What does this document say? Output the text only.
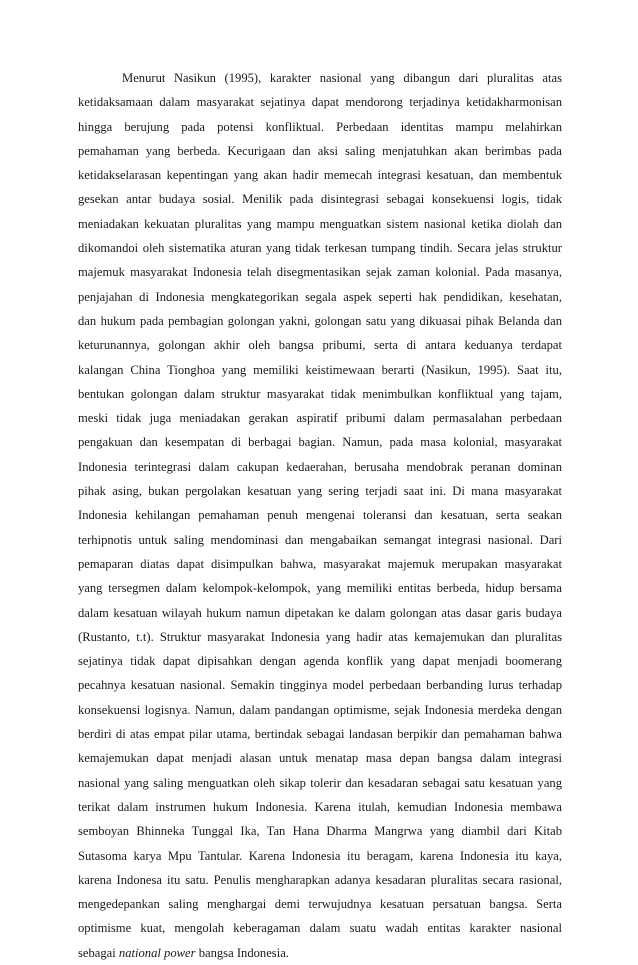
Menurut Nasikun (1995), karakter nasional yang dibangun dari pluralitas atas
ketidaksamaan dalam masyarakat sejatinya dapat mendorong terjadinya ketidakharmonisan
hingga berujung pada potensi konfliktual. Perbedaan identitas mampu melahirkan
pemahaman yang berbeda. Kecurigaan dan aksi saling menjatuhkan akan berimbas pada
ketidakselarasan kepentingan yang akan hadir memecah integrasi kesatuan, dan membentuk
gesekan antar budaya sosial. Menilik pada disintegrasi sebagai konsekuensi logis, tidak
meniadakan kekuatan pluralitas yang mampu menguatkan sistem nasional ketika diolah dan
dikomandoi oleh sistematika aturan yang tidak terkesan tumpang tindih. Secara jelas struktur
majemuk masyarakat Indonesia telah disegmentasikan sejak zaman kolonial. Pada masanya,
penjajahan di Indonesia mengkategorikan segala aspek seperti hak pendidikan, kesehatan,
dan hukum pada pembagian golongan yakni, golongan satu yang dikuasai pihak Belanda dan
keturunannya, golongan akhir oleh bangsa pribumi, serta di antara keduanya terdapat
kalangan China Tionghoa yang memiliki keistimewaan berarti (Nasikun, 1995). Saat itu,
bentukan golongan dalam struktur masyarakat tidak menimbulkan konfliktual yang tajam,
meski tidak juga meniadakan gerakan aspiratif pribumi dalam permasalahan perbedaan
pengakuan dan kesempatan di berbagai bagian. Namun, pada masa kolonial, masyarakat
Indonesia terintegrasi dalam cakupan kedaerahan, berusaha mendobrak peranan dominan
pihak asing, bukan pergolakan kesatuan yang sering terjadi saat ini. Di mana masyarakat
Indonesia kehilangan pemahaman penuh mengenai toleransi dan kesatuan, serta seakan
terhipnotis untuk saling mendominasi dan mengabaikan semangat integrasi nasional. Dari
pemaparan diatas dapat disimpulkan bahwa, masyarakat majemuk merupakan masyarakat
yang tersegmen dalam kelompok-kelompok, yang memiliki entitas berbeda, hidup bersama
dalam kesatuan wilayah hukum namun dipetakan ke dalam golongan atas dasar garis budaya
(Rustanto, t.t). Struktur masyarakat Indonesia yang hadir atas kemajemukan dan pluralitas
sejatinya tidak dapat dipisahkan dengan agenda konflik yang dapat menjadi boomerang
pecahnya kesatuan nasional. Semakin tingginya model perbedaan berbanding lurus terhadap
konsekuensi logisnya. Namun, dalam pandangan optimisme, sejak Indonesia merdeka dengan
berdiri di atas empat pilar utama, bertindak sebagai landasan berpikir dan pemahaman bahwa
kemajemukan dapat menjadi alasan untuk menatap masa depan bangsa dalam integrasi
nasional yang saling menguatkan oleh sikap tolerir dan kesadaran sebagai satu kesatuan yang
terikat dalam instrumen hukum Indonesia. Karena itulah, kemudian Indonesia membawa
semboyan Bhinneka Tunggal Ika, Tan Hana Dharma Mangrwa yang diambil dari Kitab
Sutasoma karya Mpu Tantular. Karena Indonesia itu beragam, karena Indonesia itu kaya,
karena Indonesa itu satu. Penulis mengharapkan adanya kesadaran pluralitas secara rasional,
mengedepankan saling menghargai demi terwujudnya kesatuan persatuan bangsa. Serta
optimisme kuat, mengolah keberagaman dalam suatu wadah entitas karakter nasional
sebagai national power bangsa Indonesia.
